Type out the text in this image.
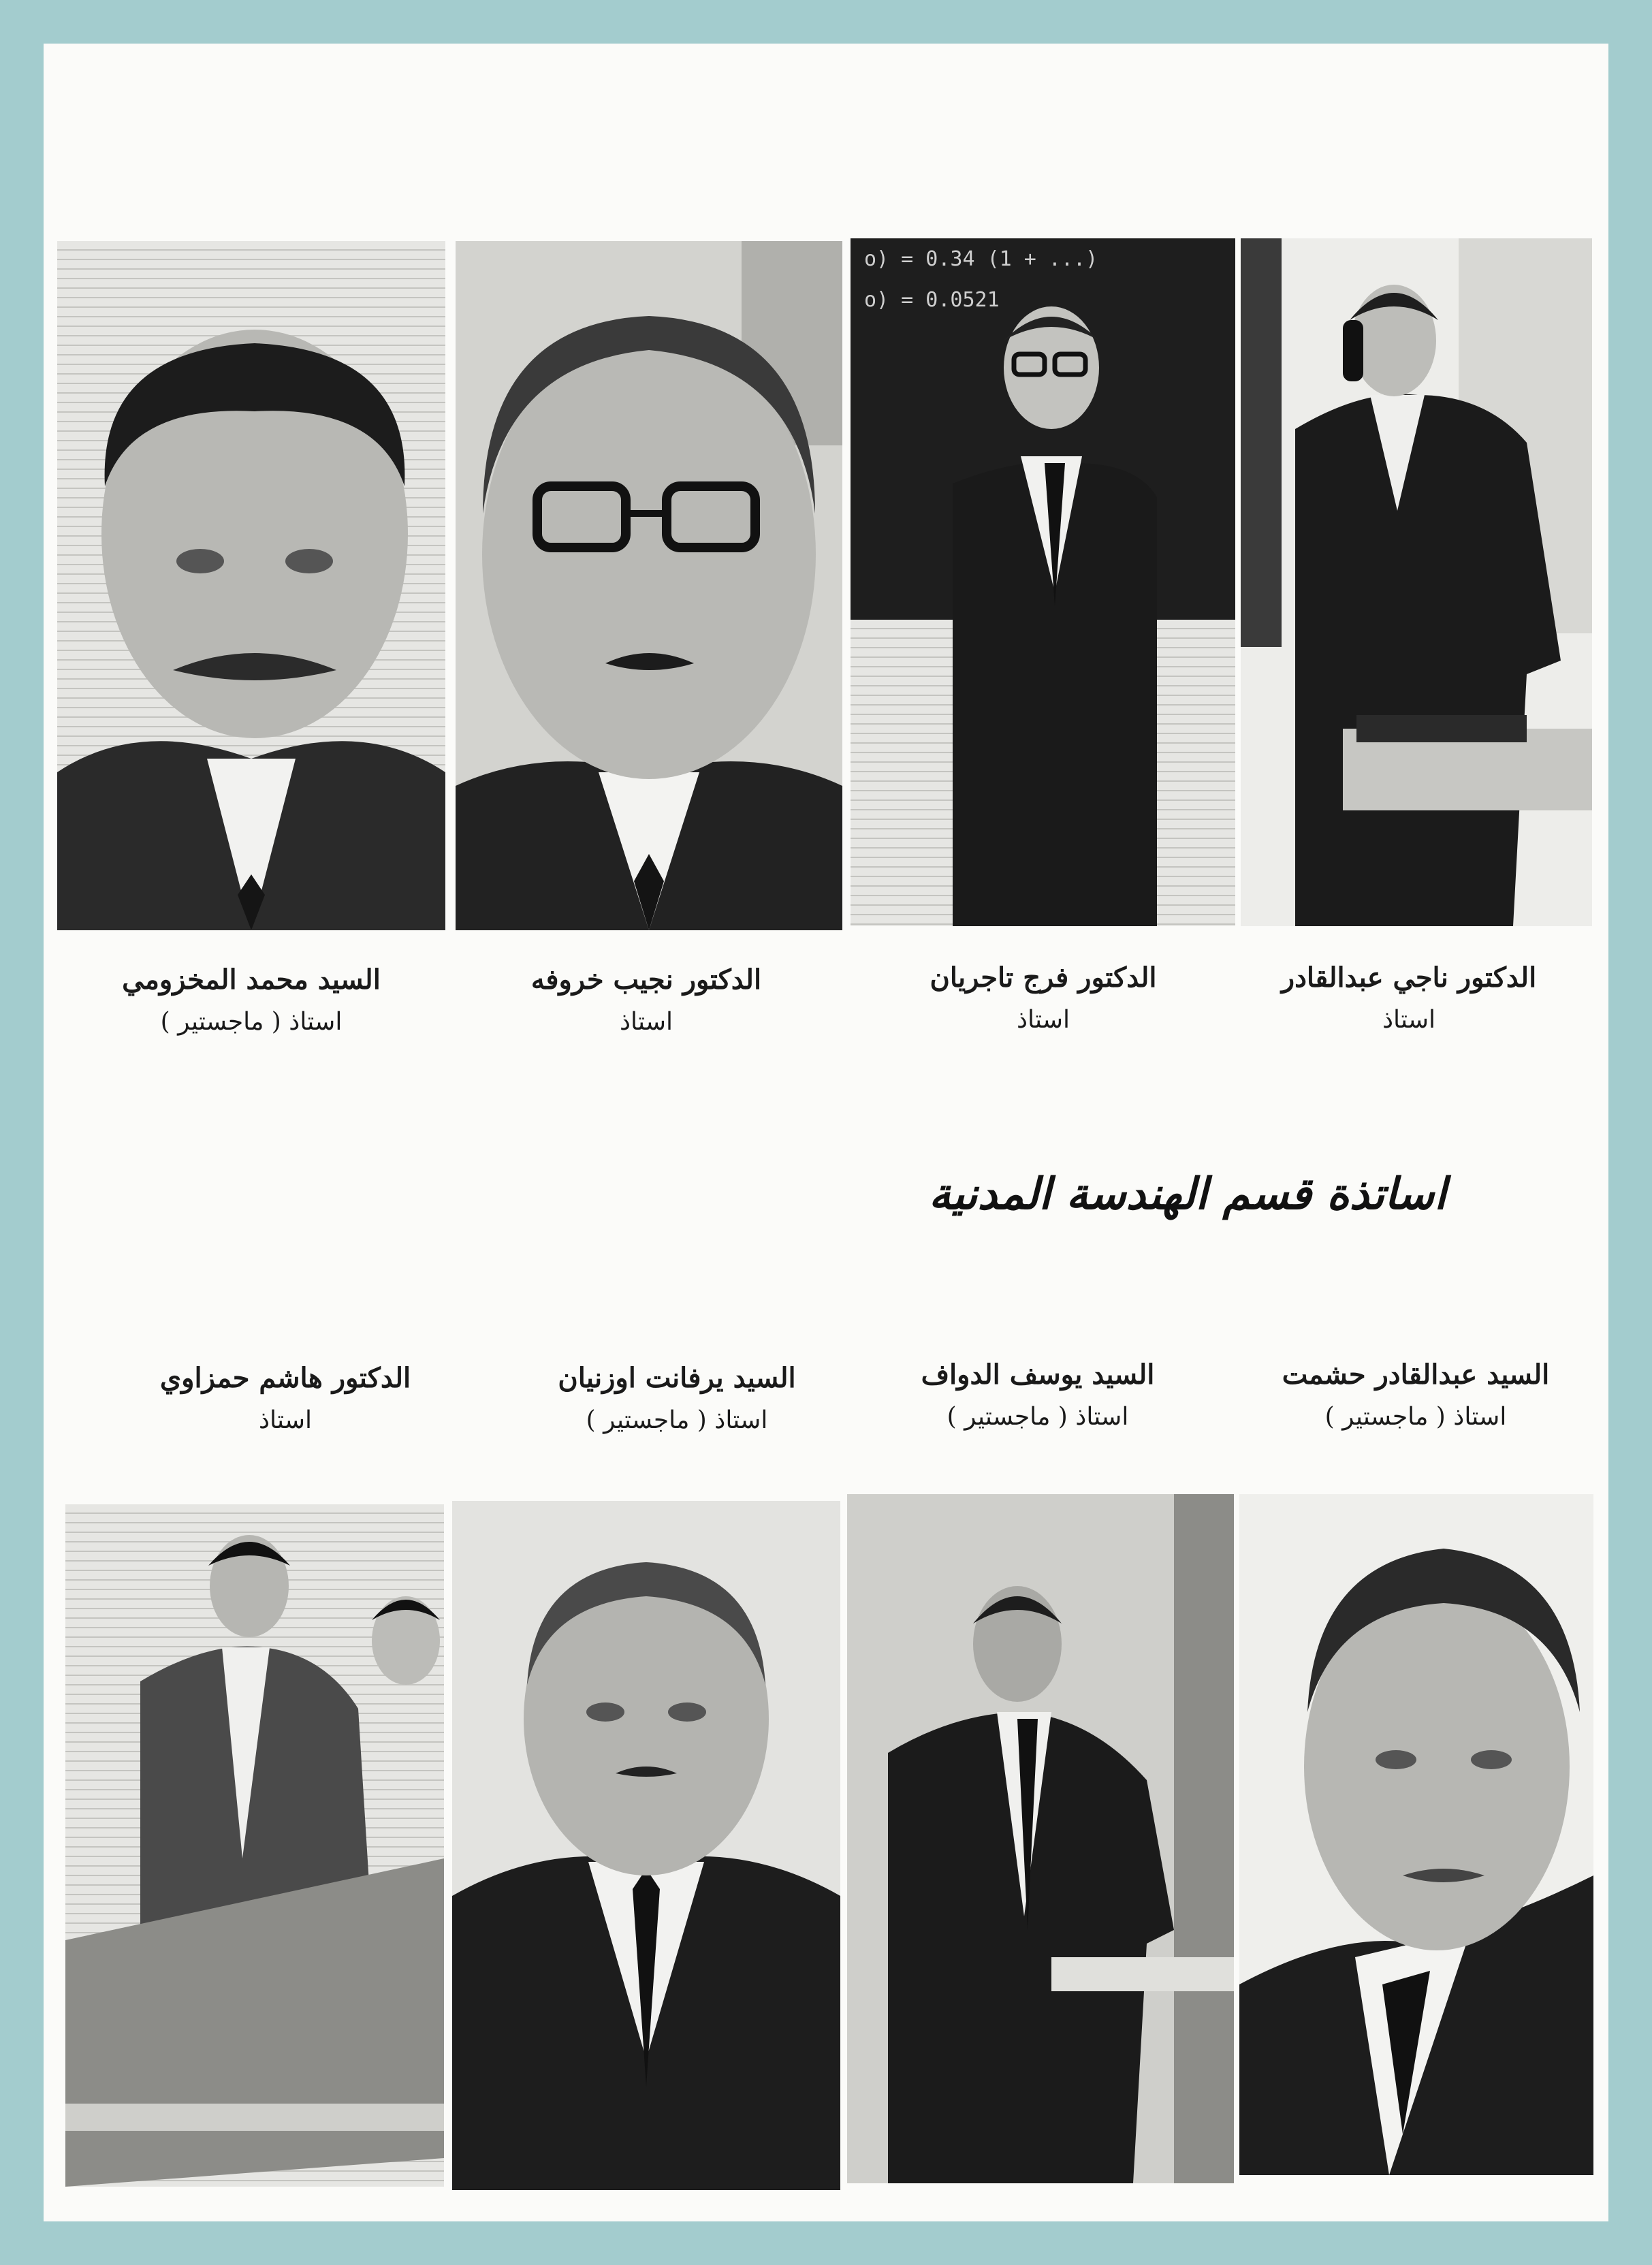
o) = 0.34 (1 + ...)
o) = 0.0521
السيد محمد المخزومي
استاذ ( ماجستير )
الدكتور نجيب خروفه
استاذ
الدكتور فرج تاجريان
استاذ
الدكتور ناجي عبدالقادر
استاذ
اساتذة قسم الهندسة المدنية
الدكتور هاشم حمزاوي
استاذ
السيد يرفانت اوزنيان
استاذ ( ماجستير )
السيد يوسف الدواف
استاذ ( ماجستير )
السيد عبدالقادر حشمت
استاذ ( ماجستير )
